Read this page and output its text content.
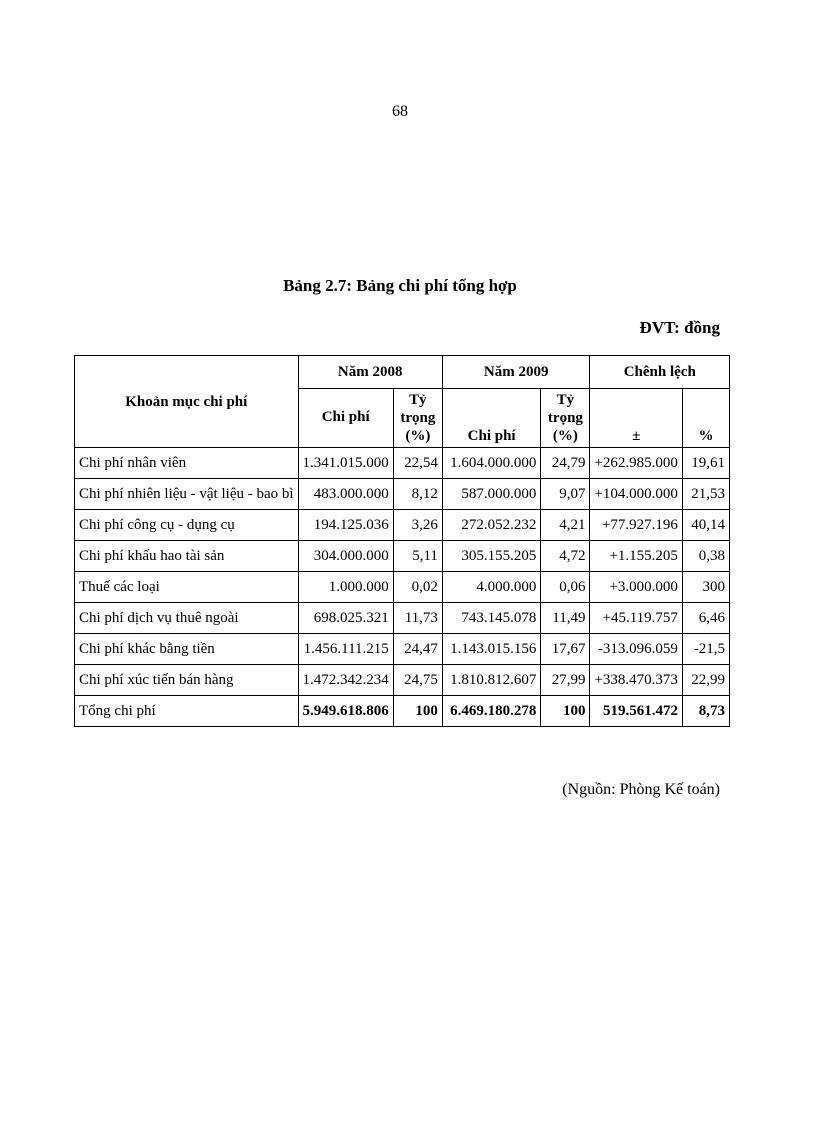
68
Bảng 2.7: Bảng chi phí tổng hợp
ĐVT: đồng
Khoản mục chi phí	Năm 2008		Năm 2009		Chênh lệch	
	Chi phí	Tỷ trọng (%)	Chi phí	Tỷ trọng (%)	±	%
Chi phí nhân viên	1.341.015.000	22,54	1.604.000.000	24,79	+262.985.000	19,61
Chi phí nhiên liệu - vật liệu - bao bì	483.000.000	8,12	587.000.000	9,07	+104.000.000	21,53
Chi phí công cụ - dụng cụ	194.125.036	3,26	272.052.232	4,21	+77.927.196	40,14
Chi phí khấu hao tài sản	304.000.000	5,11	305.155.205	4,72	+1.155.205	0,38
Thuế các loại	1.000.000	0,02	4.000.000	0,06	+3.000.000	300
Chi phí dịch vụ thuê ngoài	698.025.321	11,73	743.145.078	11,49	+45.119.757	6,46
Chi phí khác bằng tiền	1.456.111.215	24,47	1.143.015.156	17,67	-313.096.059	-21,5
Chi phí xúc tiến bán hàng	1.472.342.234	24,75	1.810.812.607	27,99	+338.470.373	22,99
Tổng chi phí	5.949.618.806	100	6.469.180.278	100	519.561.472	8,73
(Nguồn: Phòng Kế toán)
